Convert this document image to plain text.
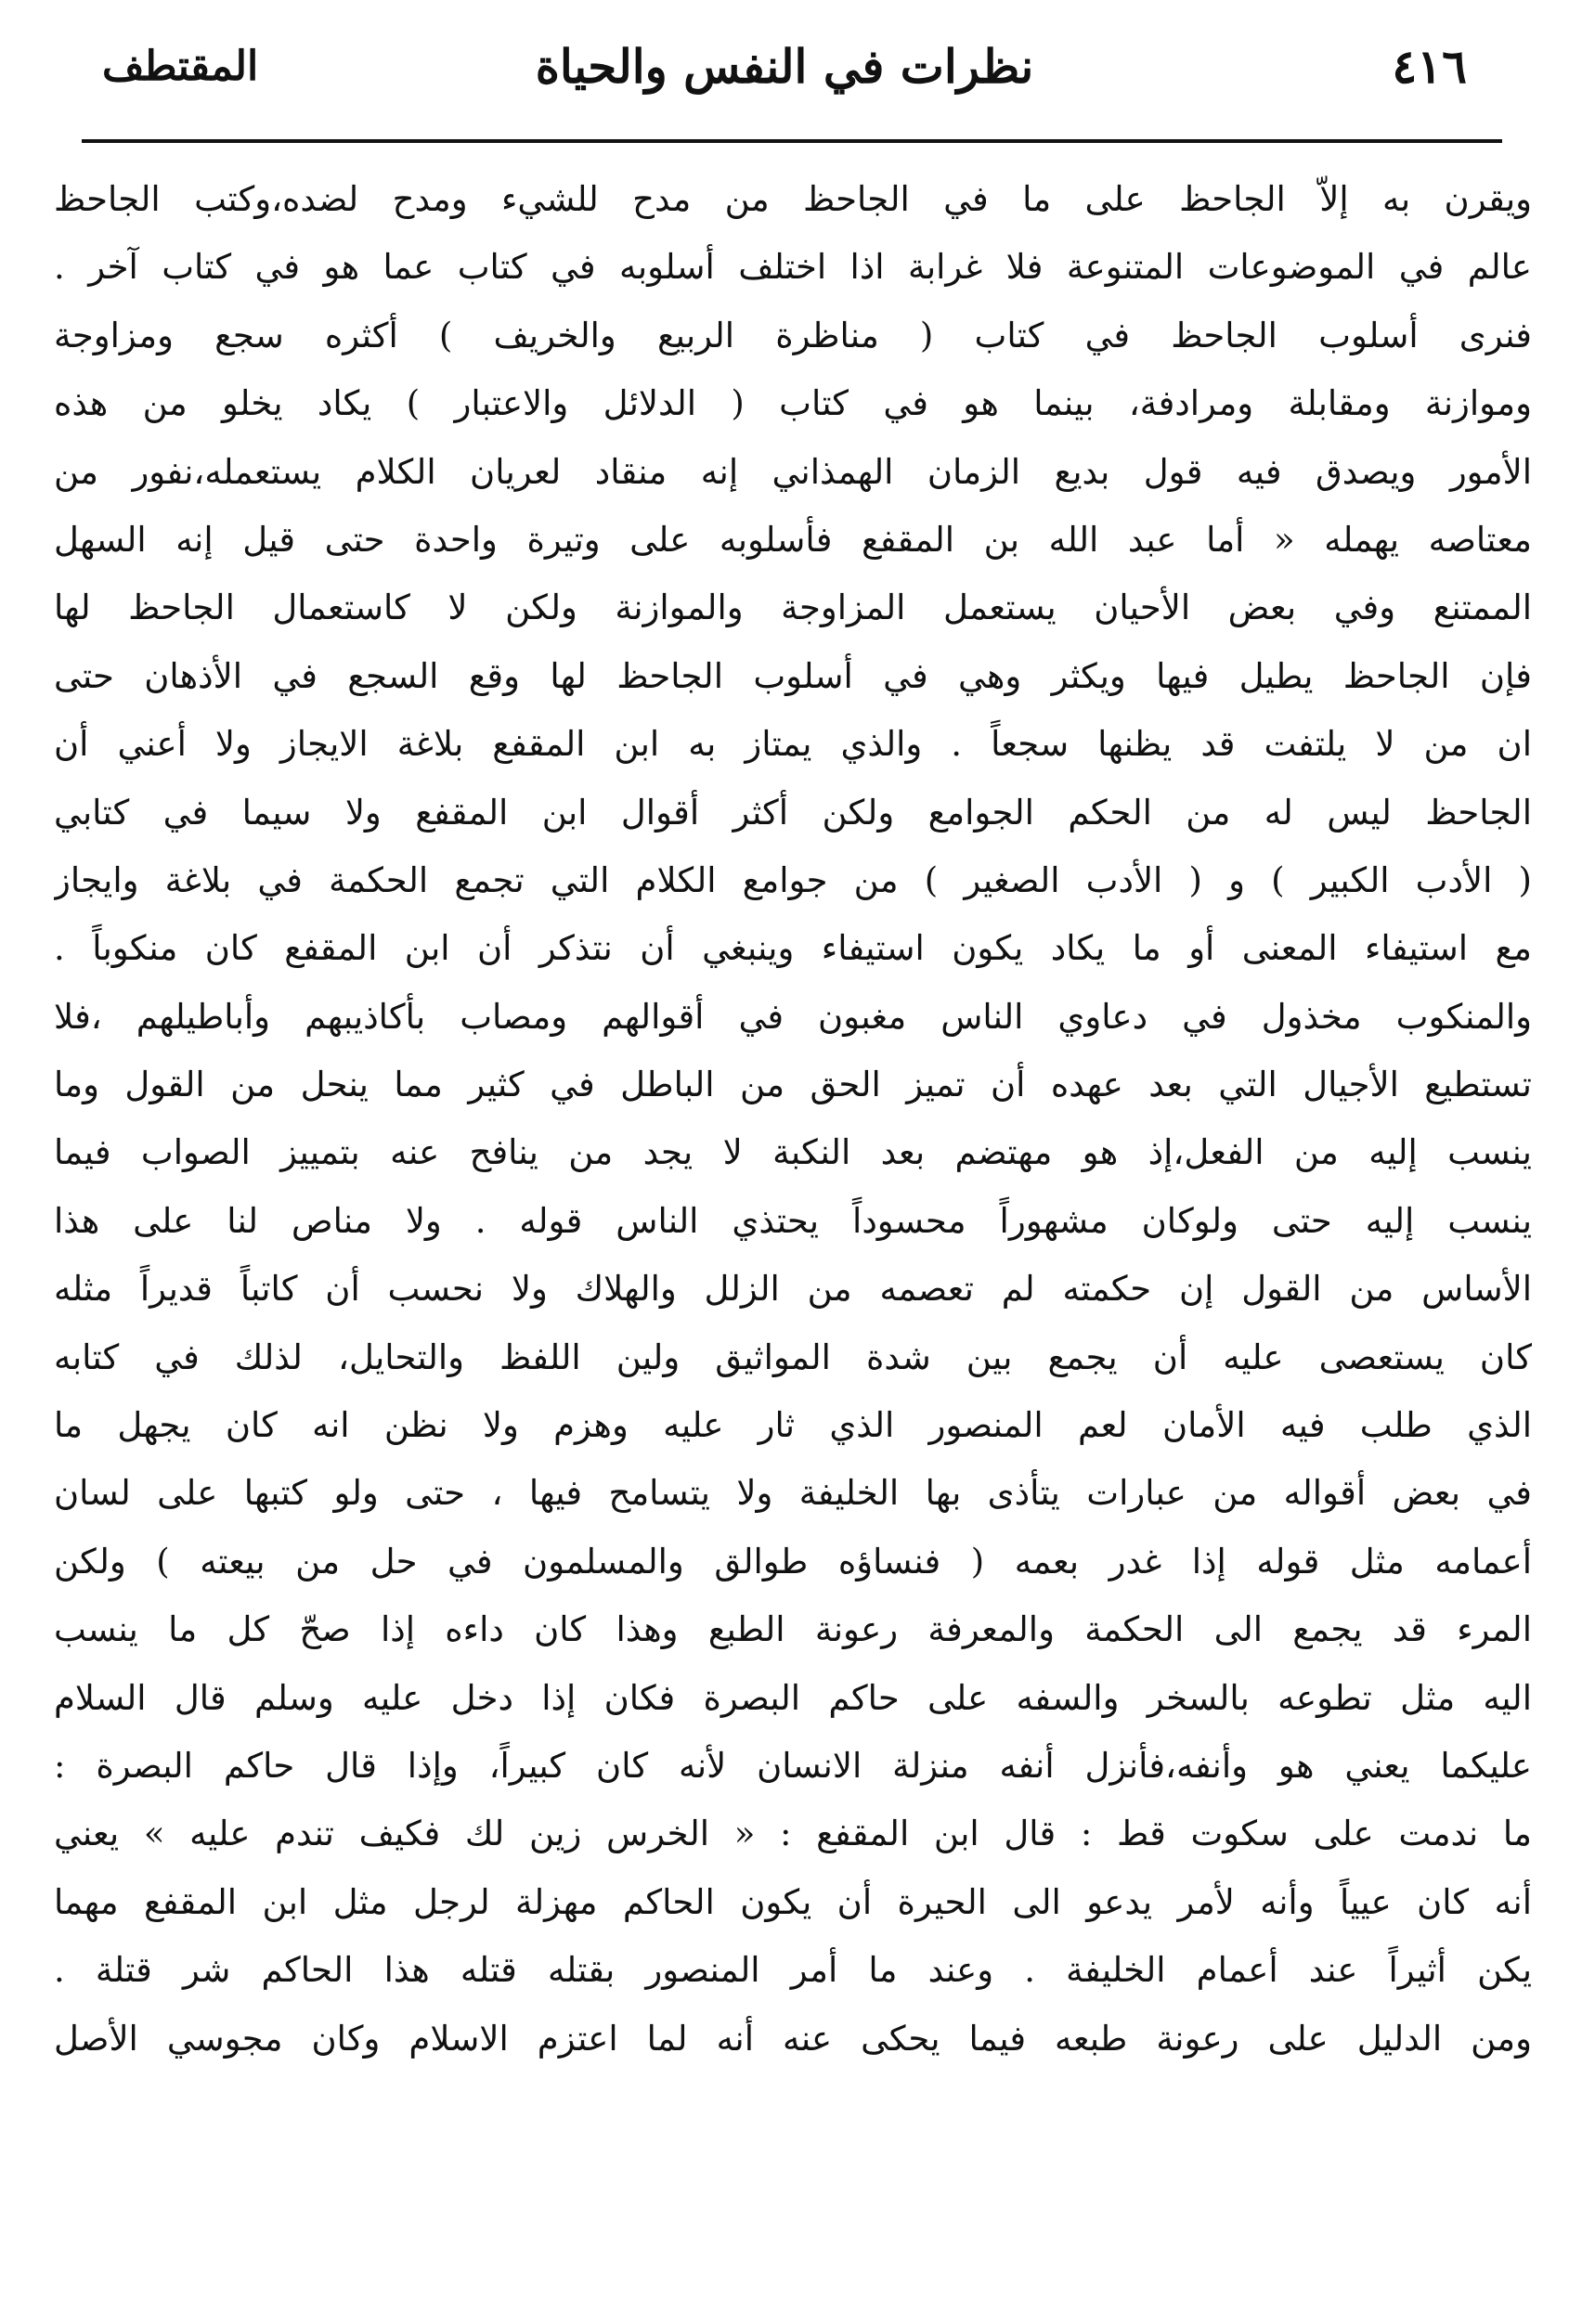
المقتطف	نظرات في النفس والحياة	٤١٦
ويقرن به إلاّ الجاحظ على ما في الجاحظ من مدح للشيء ومدح لضده،وكتب الجاحظ
عالم في الموضوعات المتنوعة فلا غرابة اذا اختلف أسلوبه في كتاب عما هو في كتاب آخر .
فنرى أسلوب الجاحظ في كتاب ( مناظرة الربيع والخريف ) أكثره سجع ومزاوجة
وموازنة ومقابلة ومرادفة، بينما هو في كتاب ( الدلائل والاعتبار ) يكاد يخلو من هذه
الأمور ويصدق فيه قول بديع الزمان الهمذاني إنه منقاد لعريان الكلام يستعمله،نفور من
معتاصه يهمله « أما عبد الله بن المقفع فأسلوبه على وتيرة واحدة حتى قيل إنه السهل
الممتنع وفي بعض الأحيان يستعمل المزاوجة والموازنة ولكن لا كاستعمال الجاحظ لها
فإن الجاحظ يطيل فيها ويكثر وهي في أسلوب الجاحظ لها وقع السجع في الأذهان حتى
ان من لا يلتفت قد يظنها سجعاً . والذي يمتاز به ابن المقفع بلاغة الايجاز ولا أعني أن
الجاحظ ليس له من الحكم الجوامع ولكن أكثر أقوال ابن المقفع ولا سيما في كتابي
( الأدب الكبير ) و ( الأدب الصغير ) من جوامع الكلام التي تجمع الحكمة في بلاغة وايجاز
مع استيفاء المعنى أو ما يكاد يكون استيفاء وينبغي أن نتذكر أن ابن المقفع كان منكوباً .
والمنكوب مخذول في دعاوي الناس مغبون في أقوالهم ومصاب بأكاذيبهم وأباطيلهم ،فلا
تستطيع الأجيال التي بعد عهده أن تميز الحق من الباطل في كثير مما ينحل من القول وما
ينسب إليه من الفعل،إذ هو مهتضم بعد النكبة لا يجد من ينافح عنه بتمييز الصواب فيما
ينسب إليه حتى ولوكان مشهوراً محسوداً يحتذي الناس قوله . ولا مناص لنا على هذا
الأساس من القول إن حكمته لم تعصمه من الزلل والهلاك ولا نحسب أن كاتباً قديراً مثله
كان يستعصى عليه أن يجمع بين شدة المواثيق ولين اللفظ والتحايل، لذلك في كتابه
الذي طلب فيه الأمان لعم المنصور الذي ثار عليه وهزم ولا نظن انه كان يجهل ما
في بعض أقواله من عبارات يتأذى بها الخليفة ولا يتسامح فيها ، حتى ولو كتبها على لسان
أعمامه مثل قوله إذا غدر بعمه ( فنساؤه طوالق والمسلمون في حل من بيعته ) ولكن
المرء قد يجمع الى الحكمة والمعرفة رعونة الطبع وهذا كان داءه إذا صحّ كل ما ينسب
اليه مثل تطوعه بالسخر والسفه على حاكم البصرة فكان إذا دخل عليه وسلم قال السلام
عليكما يعني هو وأنفه،فأنزل أنفه منزلة الانسان لأنه كان كبيراً، وإذا قال حاكم البصرة :
ما ندمت على سكوت قط : قال ابن المقفع : « الخرس زين لك فكيف تندم عليه » يعني
أنه كان عيياً وأنه لأمر يدعو الى الحيرة أن يكون الحاكم مهزلة لرجل مثل ابن المقفع مهما
يكن أثيراً عند أعمام الخليفة . وعند ما أمر المنصور بقتله قتله هذا الحاكم شر قتلة .
ومن الدليل على رعونة طبعه فيما يحكى عنه أنه لما اعتزم الاسلام وكان مجوسي الأصل
